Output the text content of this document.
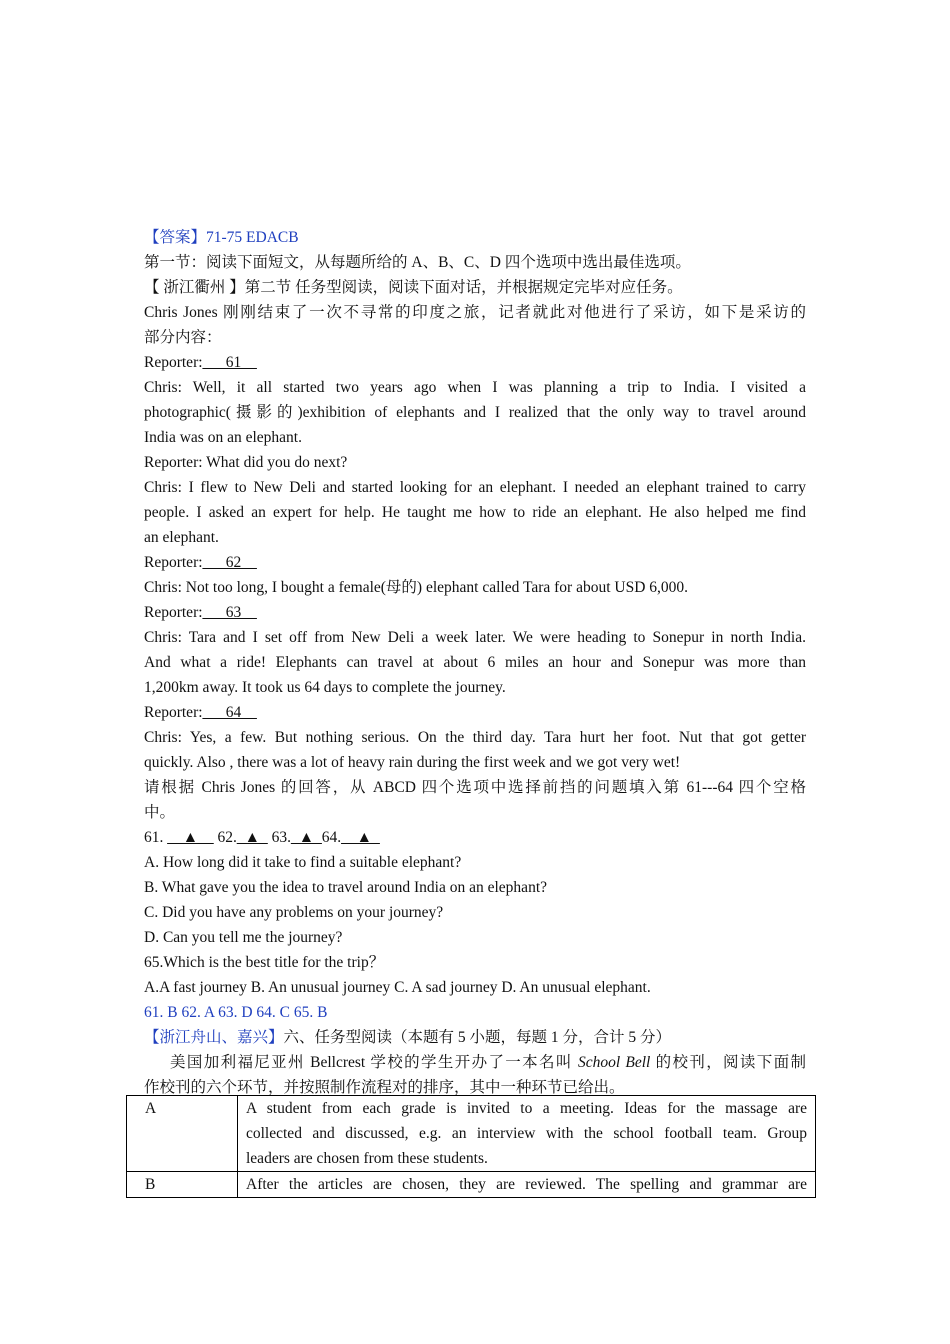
【答案】71-75 EDACB

第一节：阅读下面短文，从每题所给的 A、B、C、D 四个选项中选出最佳选项。

【 浙江衢州 】第二节 任务型阅读，阅读下面对话，并根据规定完毕对应任务。

Chris Jones 刚刚结束了一次不寻常的印度之旅，记者就此对他进行了采访，如下是采访的

部分内容：

Reporter:___61__

Chris: Well, it all started two years ago when I was planning a trip to India. I visited a

photographic(摄影的)exhibition of elephants and I realized that the only way to travel around

India was on an elephant.

Reporter: What did you do next?

Chris: I flew to New Deli and started looking for an elephant. I needed an elephant trained to carry

people. I asked an expert for help. He taught me how to ride an elephant. He also helped me find

an elephant.

Reporter:___62__

Chris: Not too long, I bought a female(母的) elephant called Tara for about USD 6,000.

Reporter:___63__

Chris: Tara and I set off from New Deli a week later. We were heading to Sonepur in north India.

And what a ride! Elephants can travel at about 6 miles an hour and Sonepur was more than

1,200km away. It took us 64 days to complete the journey.

Reporter:___64__

Chris: Yes, a few. But nothing serious. On the third day. Tara hurt her foot. Nut that got getter

quickly. Also , there was a lot of heavy rain during the first week and we got very wet!

请根据 Chris Jones 的回答，从 ABCD 四个选项中选择前挡的问题填入第 61---64 四个空格

中。

61. __▲__ 62._▲_ 63._▲_64.__▲_

A. How long did it take to find a suitable elephant?

B. What gave you the idea to travel around India on an elephant?

C. Did you have any problems on your journey?

D. Can you tell me the journey?

65.Which is the best title for the trip？

A.A fast journey B. An unusual journey C. A sad journey D. An unusual elephant.

61. B 62. A 63. D 64. C 65. B

【浙江舟山、嘉兴】六、任务型阅读（本题有 5 小题，每题 1 分，合计 5 分）

美国加利福尼亚州 Bellcrest 学校的学生开办了一本名叫 School Bell 的校刊，阅读下面制

作校刊的六个环节，并按照制作流程对的排序，其中一种环节已给出。

A	A student from each grade is invited to a meeting. Ideas for the massage are
collected and discussed, e.g. an interview with the school football team. Group
leaders are chosen from these students.

B	After the articles are chosen, they are reviewed. The spelling and grammar are
